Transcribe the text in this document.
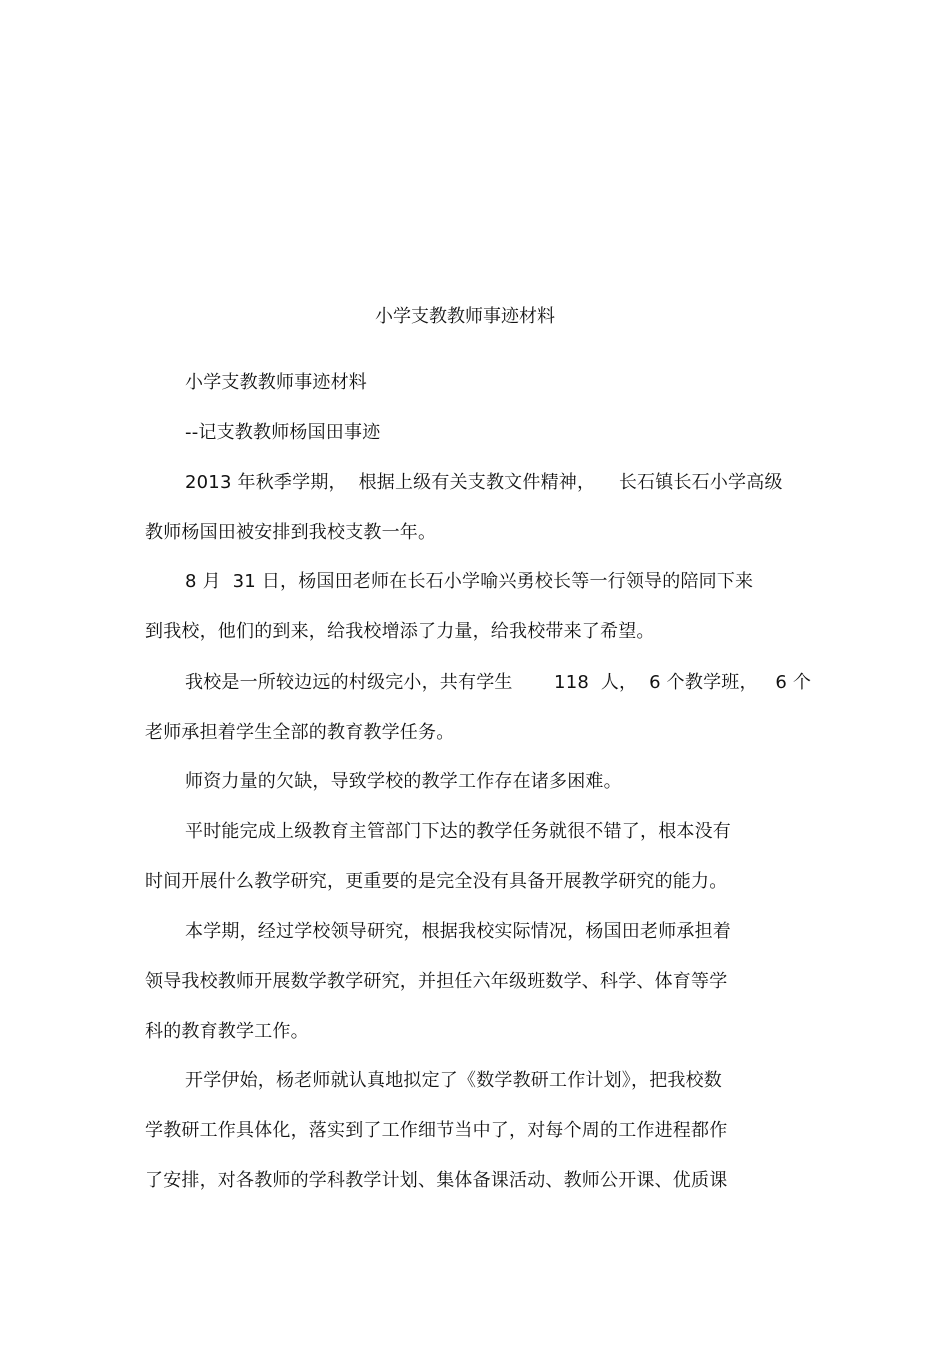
小学支教教师事迹材料
小学支教教师事迹材料
--记支教教师杨国田事迹
2013 年秋季学期，  根据上级有关支教文件精神，    长石镇长石小学高级
教师杨国田被安排到我校支教一年。
8 月  31 日，杨国田老师在长石小学喻兴勇校长等一行领导的陪同下来
到我校，他们的到来，给我校增添了力量，给我校带来了希望。
我校是一所较边远的村级完小，共有学生       118  人，  6 个教学班，   6 个
老师承担着学生全部的教育教学任务。
师资力量的欠缺，导致学校的教学工作存在诸多困难。
平时能完成上级教育主管部门下达的教学任务就很不错了，根本没有
时间开展什么教学研究，更重要的是完全没有具备开展教学研究的能力。
本学期，经过学校领导研究，根据我校实际情况，杨国田老师承担着
领导我校教师开展数学教学研究，并担任六年级班数学、科学、体育等学
科的教育教学工作。
开学伊始，杨老师就认真地拟定了《数学教研工作计划》，把我校数
学教研工作具体化，落实到了工作细节当中了，对每个周的工作进程都作
了安排，对各教师的学科教学计划、集体备课活动、教师公开课、优质课
